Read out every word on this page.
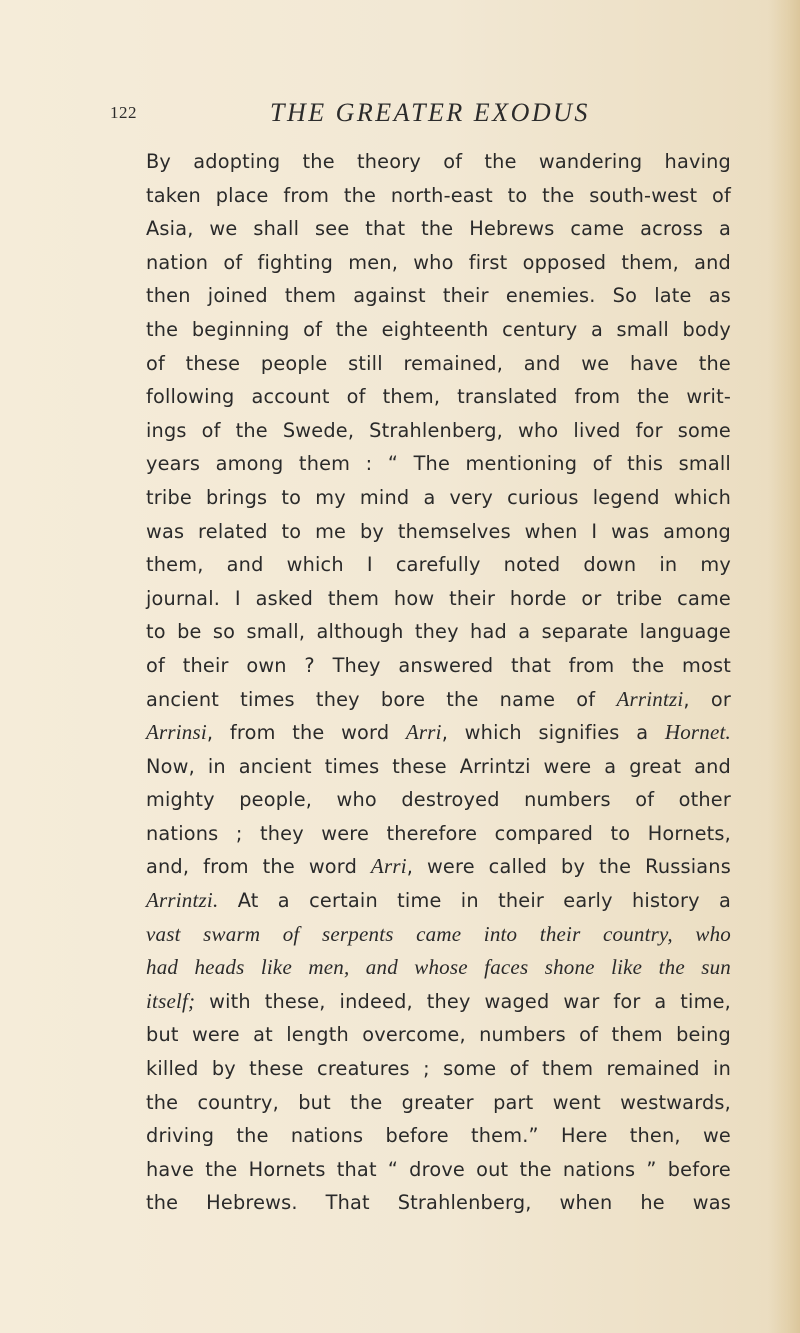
122	THE GREATER EXODUS
By adopting the theory of the wandering having
taken place from the north-east to the south-west of
Asia, we shall see that the Hebrews came across a
nation of fighting men, who first opposed them, and
then joined them against their enemies. So late as
the beginning of the eighteenth century a small body
of these people still remained, and we have the
following account of them, translated from the writ-
ings of the Swede, Strahlenberg, who lived for some
years among them : “ The mentioning of this small
tribe brings to my mind a very curious legend which
was related to me by themselves when I was among
them, and which I carefully noted down in my
journal. I asked them how their horde or tribe came
to be so small, although they had a separate language
of their own ? They answered that from the most
ancient times they bore the name of Arrintzi, or
Arrinsi, from the word Arri, which signifies a Hornet.
Now, in ancient times these Arrintzi were a great and
mighty people, who destroyed numbers of other
nations ; they were therefore compared to Hornets,
and, from the word Arri, were called by the Russians
Arrintzi. At a certain time in their early history a
vast swarm of serpents came into their country, who
had heads like men, and whose faces shone like the sun
itself; with these, indeed, they waged war for a time,
but were at length overcome, numbers of them being
killed by these creatures ; some of them remained in
the country, but the greater part went westwards,
driving the nations before them.” Here then, we
have the Hornets that “ drove out the nations ” before
the Hebrews. That Strahlenberg, when he was
